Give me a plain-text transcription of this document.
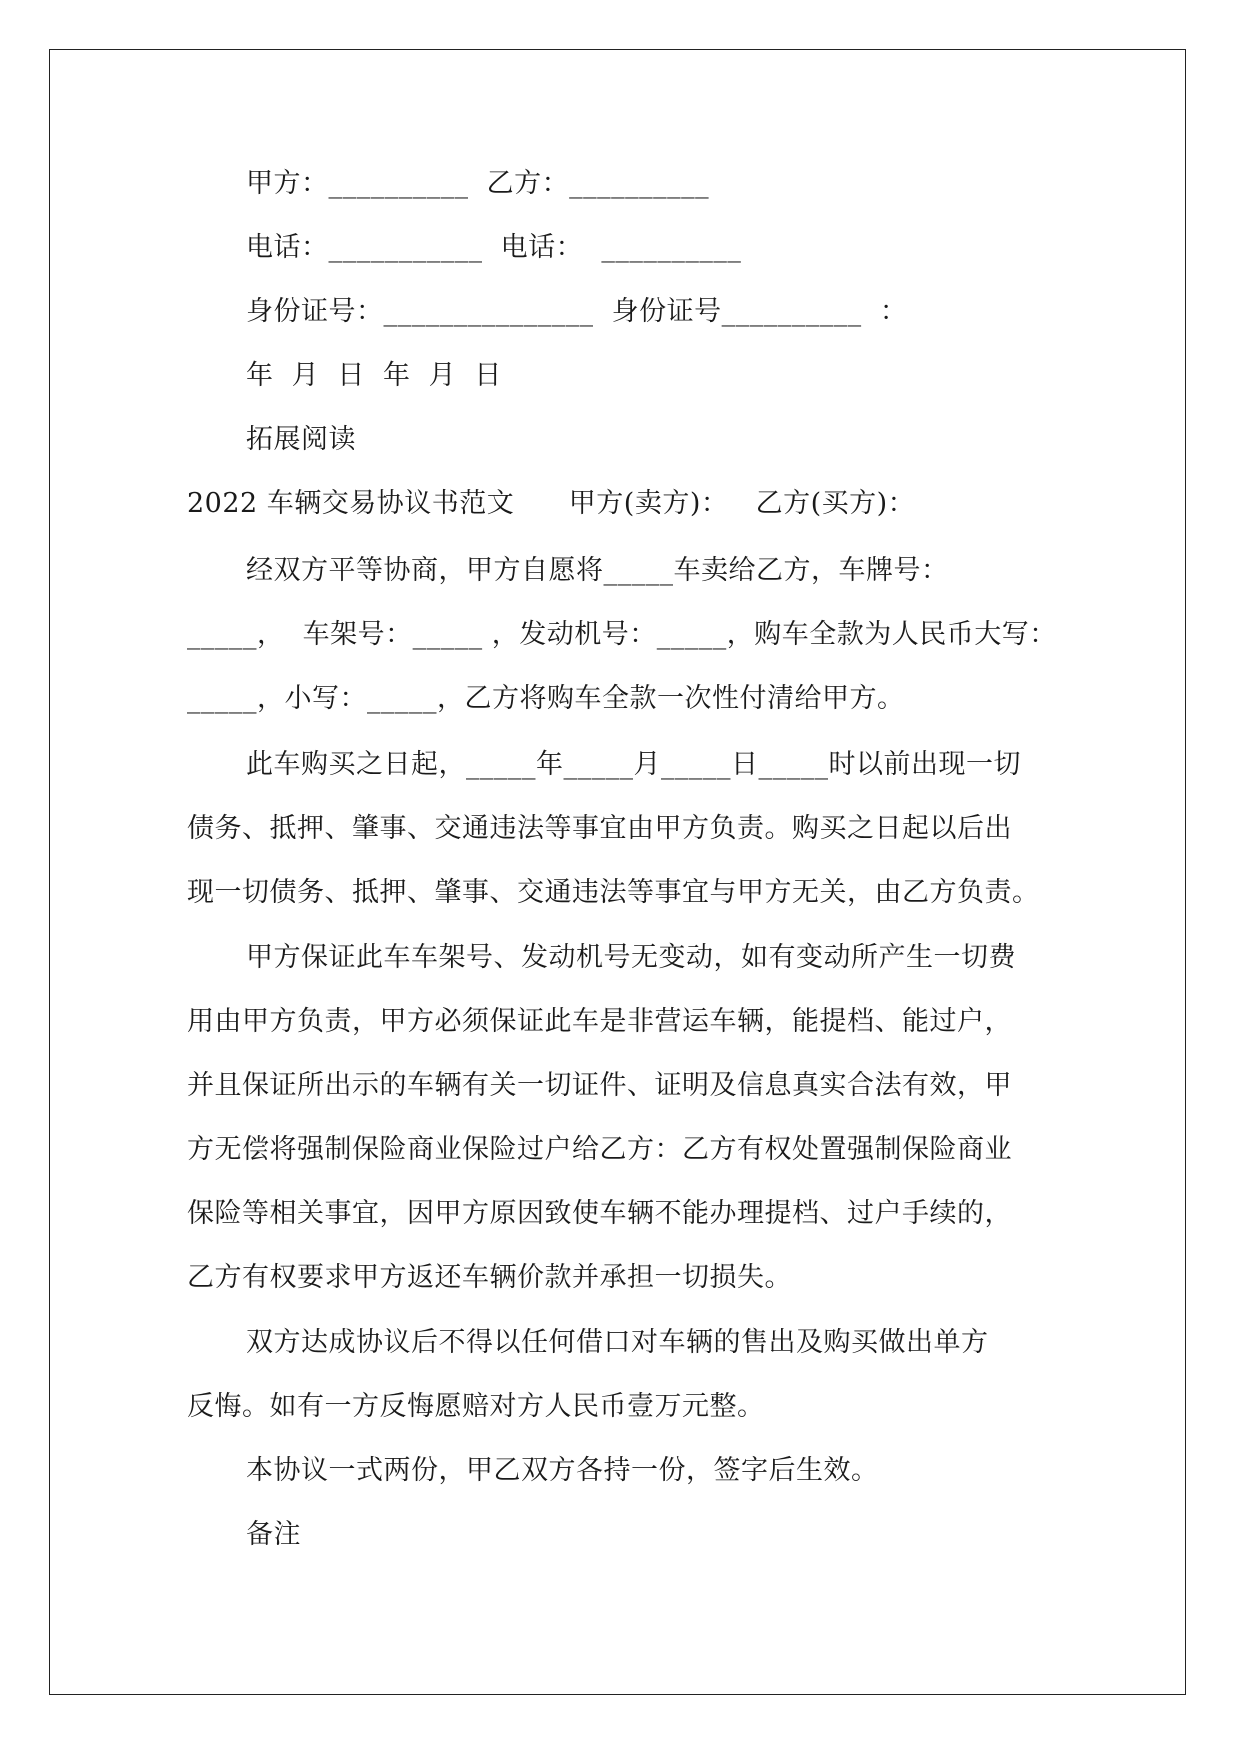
甲方：__________  乙方：__________
电话：___________  电话：  __________
身份证号：_______________  身份证号__________  ：
年  月  日  年  月  日
拓展阅读
2022 车辆交易协议书范文      甲方(卖方)：   乙方(买方)：
经双方平等协商，甲方自愿将_____车卖给乙方，车牌号：
_____，  车架号：_____ ，发动机号：_____，购车全款为人民币大写：
_____，小写：_____，乙方将购车全款一次性付清给甲方。
此车购买之日起，_____年_____月_____日_____时以前出现一切
债务、抵押、肇事、交通违法等事宜由甲方负责。购买之日起以后出
现一切债务、抵押、肇事、交通违法等事宜与甲方无关，由乙方负责。
甲方保证此车车架号、发动机号无变动，如有变动所产生一切费
用由甲方负责，甲方必须保证此车是非营运车辆，能提档、能过户，
并且保证所出示的车辆有关一切证件、证明及信息真实合法有效，甲
方无偿将强制保险商业保险过户给乙方：乙方有权处置强制保险商业
保险等相关事宜，因甲方原因致使车辆不能办理提档、过户手续的，
乙方有权要求甲方返还车辆价款并承担一切损失。
双方达成协议后不得以任何借口对车辆的售出及购买做出单方
反悔。如有一方反悔愿赔对方人民币壹万元整。
本协议一式两份，甲乙双方各持一份，签字后生效。
备注
